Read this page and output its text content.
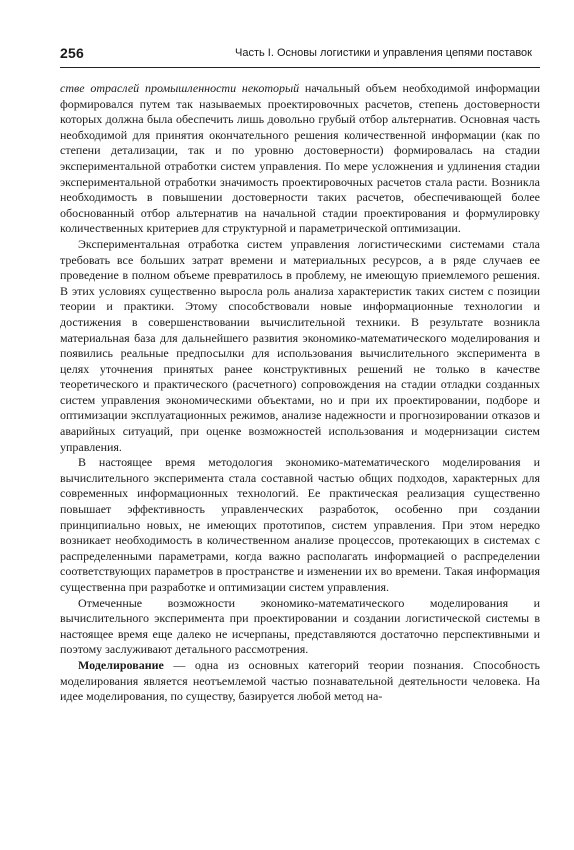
256	Часть I. Основы логистики и управления цепями поставок

стве отраслей промышленности некоторый начальный объем необходимой информации формировался путем так называемых проектировочных расчетов, степень достоверности которых должна была обеспечить лишь довольно грубый отбор альтернатив. Основная часть необходимой для принятия окончательного решения количественной информации (как по степени детализации, так и по уровню достоверности) формировалась на стадии экспериментальной отработки систем управления. По мере усложнения и удлинения стадии экспериментальной отработки значимость проектировочных расчетов стала расти. Возникла необходимость в повышении достоверности таких расчетов, обеспечивающей более обоснованный отбор альтернатив на начальной стадии проектирования и формулировку количественных критериев для структурной и параметрической оптимизации.

Экспериментальная отработка систем управления логистическими системами стала требовать все больших затрат времени и материальных ресурсов, а в ряде случаев ее проведение в полном объеме превратилось в проблему, не имеющую приемлемого решения. В этих условиях существенно выросла роль анализа характеристик таких систем с позиции теории и практики. Этому способствовали новые информационные технологии и достижения в совершенствовании вычислительной техники. В результате возникла материальная база для дальнейшего развития экономико-математического моделирования и появились реальные предпосылки для использования вычислительного эксперимента в целях уточнения принятых ранее конструктивных решений не только в качестве теоретического и практического (расчетного) сопровождения на стадии отладки созданных систем управления экономическими объектами, но и при их проектировании, подборе и оптимизации эксплуатационных режимов, анализе надежности и прогнозировании отказов и аварийных ситуаций, при оценке возможностей использования и модернизации систем управления.

В настоящее время методология экономико-математического моделирования и вычислительного эксперимента стала составной частью общих подходов, характерных для современных информационных технологий. Ее практическая реализация существенно повышает эффективность управленческих разработок, особенно при создании принципиально новых, не имеющих прототипов, систем управления. При этом нередко возникает необходимость в количественном анализе процессов, протекающих в системах с распределенными параметрами, когда важно располагать информацией о распределении соответствующих параметров в пространстве и изменении их во времени. Такая информация существенна при разработке и оптимизации систем управления.

Отмеченные возможности экономико-математического моделирования и вычислительного эксперимента при проектировании и создании логистической системы в настоящее время еще далеко не исчерпаны, представляются достаточно перспективными и поэтому заслуживают детального рассмотрения.

Моделирование — одна из основных категорий теории познания. Способность моделирования является неотъемлемой частью познавательной деятельности человека. На идее моделирования, по существу, базируется любой метод на-
